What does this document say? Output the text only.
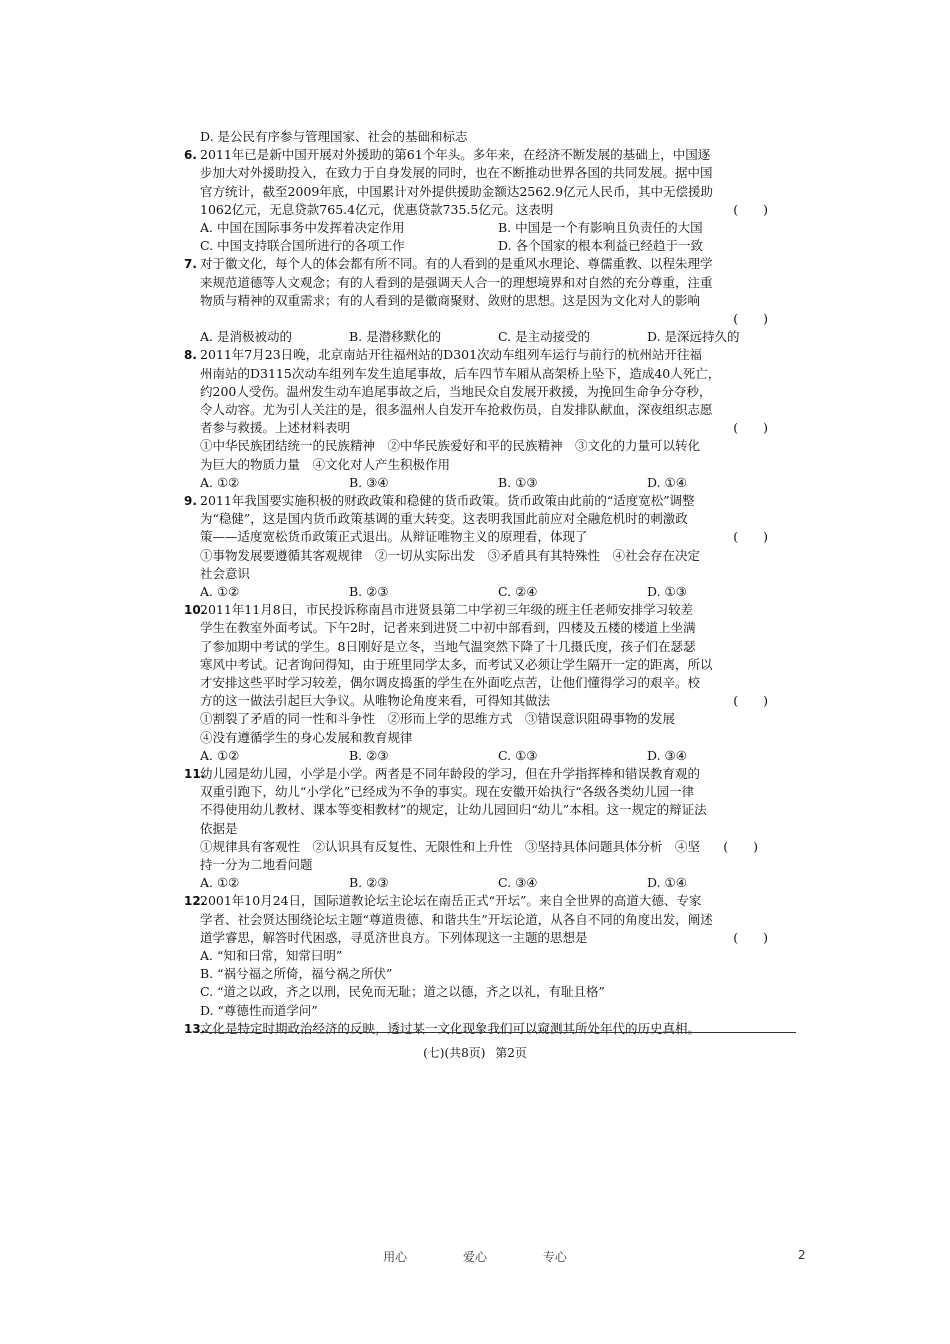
D. 是公民有序参与管理国家、社会的基础和标志
6. 2011年已是新中国开展对外援助的第61个年头。多年来，在经济不断发展的基础上，中国逐
步加大对外援助投入，在致力于自身发展的同时，也在不断推动世界各国的共同发展。据中国
官方统计，截至2009年底，中国累计对外提供援助金额达2562.9亿元人民币，其中无偿援助
1062亿元，无息贷款765.4亿元，优惠贷款735.5亿元。这表明	(　　)
A. 中国在国际事务中发挥着决定作用	B. 中国是一个有影响且负责任的大国
C. 中国支持联合国所进行的各项工作	D. 各个国家的根本利益已经趋于一致
7. 对于徽文化，每个人的体会都有所不同。有的人看到的是重风水理论、尊儒重教、以程朱理学
来规范道德等人文观念；有的人看到的是强调天人合一的理想境界和对自然的充分尊重，注重
物质与精神的双重需求；有的人看到的是徽商聚财、敛财的思想。这是因为文化对人的影响
(　　)
A. 是消极被动的	B. 是潜移默化的	C. 是主动接受的	D. 是深远持久的
8. 2011年7月23日晚，北京南站开往福州站的D301次动车组列车运行与前行的杭州站开往福
州南站的D3115次动车组列车发生追尾事故，后车四节车厢从高架桥上坠下，造成40人死亡，
约200人受伤。温州发生动车追尾事故之后，当地民众自发展开救援，为挽回生命争分夺秒，
令人动容。尤为引人关注的是，很多温州人自发开车抢救伤员，自发排队献血，深夜组织志愿
者参与救援。上述材料表明	(　　)
①中华民族团结统一的民族精神　②中华民族爱好和平的民族精神　③文化的力量可以转化
为巨大的物质力量　④文化对人产生积极作用
A. ①②	B. ③④	B. ①③	D. ①④
9. 2011年我国要实施积极的财政政策和稳健的货币政策。货币政策由此前的“适度宽松”调整
为“稳健”，这是国内货币政策基调的重大转变。这表明我国此前应对全融危机时的刺激政
策——适度宽松货币政策正式退出。从辩证唯物主义的原理看，体现了	(　　)
①事物发展要遵循其客观规律　②一切从实际出发　③矛盾具有其特殊性　④社会存在决定
社会意识
A. ①②	B. ②③	C. ②④	D. ①③
10.
2011年11月8日，市民投诉称南昌市进贤县第二中学初三年级的班主任老师安排学习较差
学生在教室外面考试。下午2时，记者来到进贤二中初中部看到，四楼及五楼的楼道上坐满
了参加期中考试的学生。8日刚好是立冬，当地气温突然下降了十几摄氏度，孩子们在瑟瑟
寒风中考试。记者询问得知，由于班里同学太多，而考试又必须让学生隔开一定的距离，所以
才安排这些平时学习较差，偶尔调皮捣蛋的学生在外面吃点苦，让他们懂得学习的艰辛。校
方的这一做法引起巨大争议。从唯物论角度来看，可得知其做法	(　　)
①割裂了矛盾的同一性和斗争性　②形而上学的思维方式　③错误意识阻碍事物的发展
④没有遵循学生的身心发展和教育规律
A. ①②	B. ②③	C. ①③	D. ③④
11.
幼儿园是幼儿园，小学是小学。两者是不同年龄段的学习，但在升学指挥棒和错误教育观的
双重引跑下，幼儿“小学化”已经成为不争的事实。现在安徽开始执行“各级各类幼儿园一律
不得使用幼儿教材、课本等变相教材”的规定，让幼儿园回归“幼儿”本相。这一规定的辩证法
依据是
①规律具有客观性　②认识具有反复性、无限性和上升性　③坚持具体问题具体分析　④坚 (　　)
持一分为二地看问题
A. ①②	B. ②③	C. ③④	D. ①④
12.
2001年10月24日，国际道教论坛主论坛在南岳正式“开坛”。来自全世界的高道大德、专家
学者、社会贤达围绕论坛主题“尊道贵德、和谐共生”开坛论道，从各自不同的角度出发，阐述
道学睿思，解答时代困惑，寻觅济世良方。下列体现这一主题的思想是	(　　)
A. “知和曰常，知常曰明”
B. “祸兮福之所倚，福兮祸之所伏”
C. “道之以政，齐之以刑，民免而无耻；道之以德，齐之以礼，有耻且格”
D. “尊德性而道学问”
13.
文化是特定时期政治经济的反映，透过某一文化现象我们可以窥测其所处年代的历史真相。
(七)(共8页) 第2页
用心	爱心	专心	2
